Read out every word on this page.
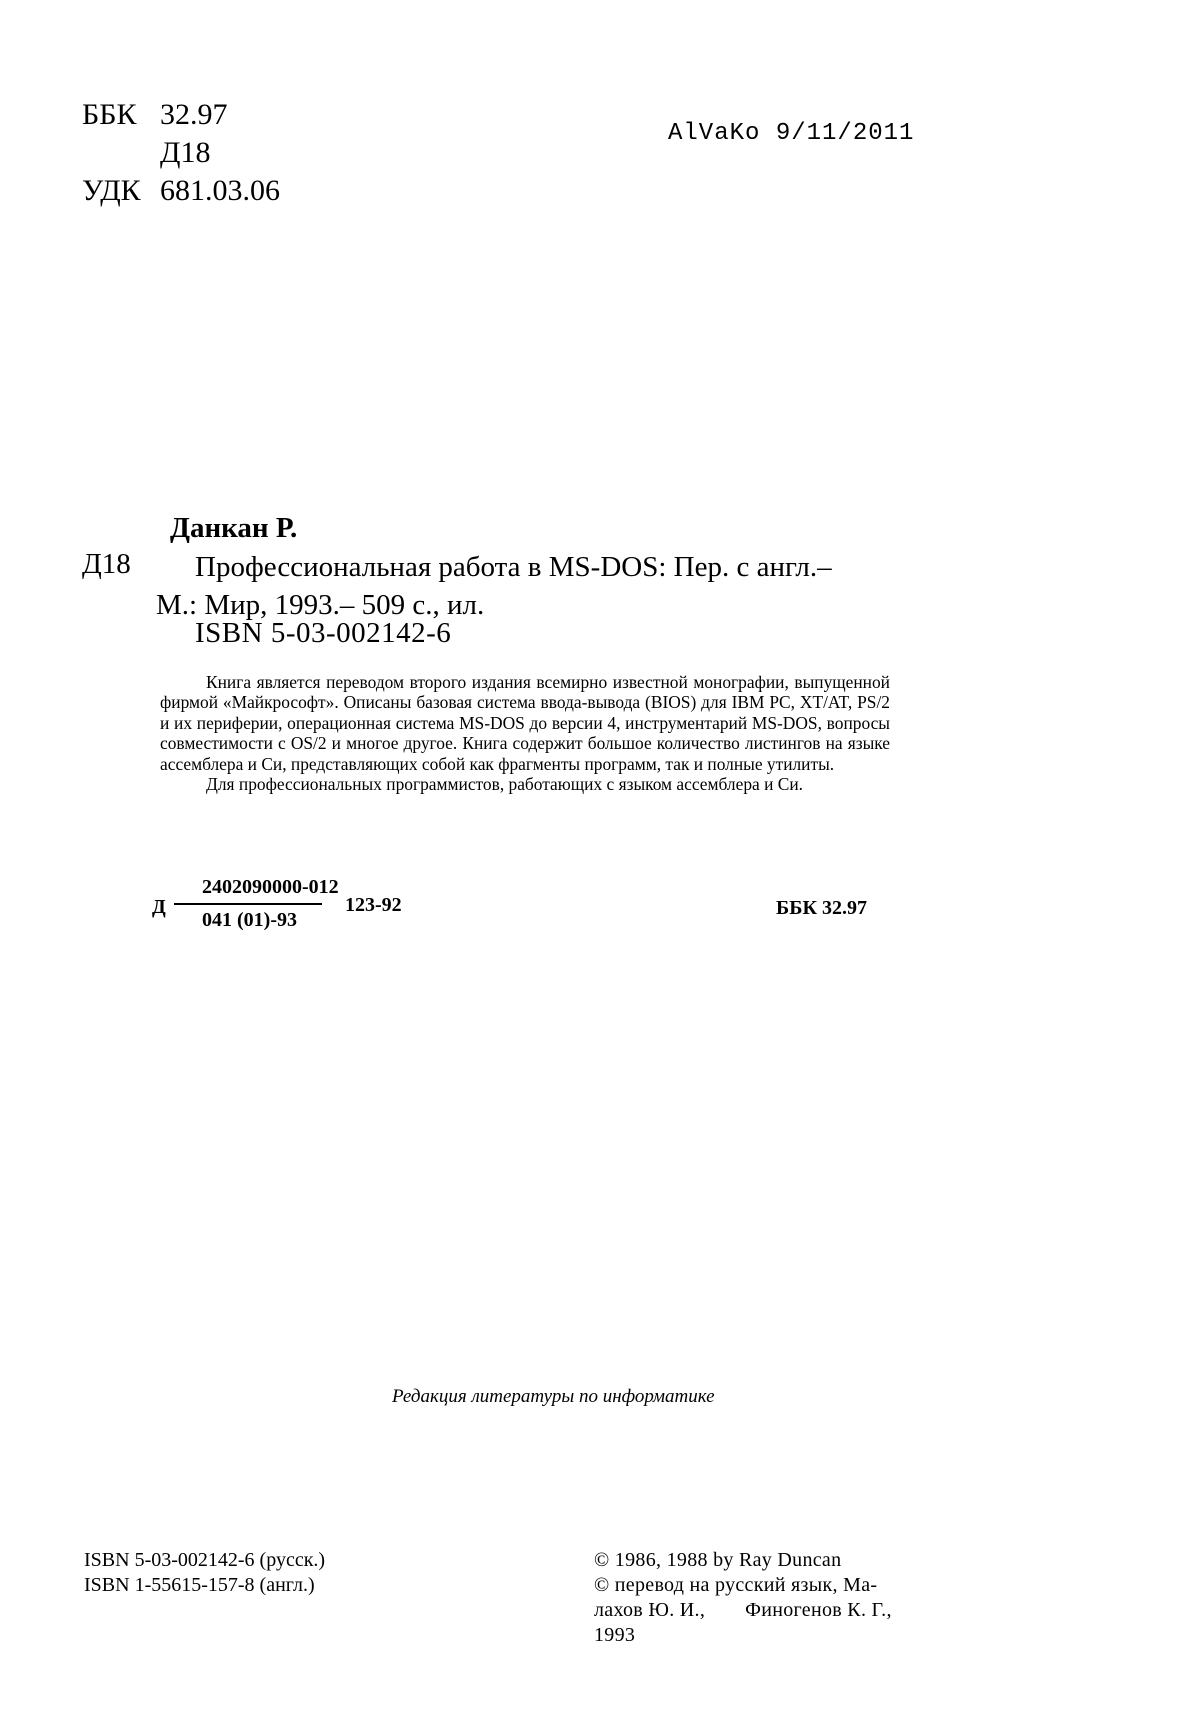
ББК 32.97
Д18
УДК 681.03.06
AlVaKo 9/11/2011
Данкан Р.
Д18 Профессиональная работа в MS-DOS: Пер. с англ.–
М.: Мир, 1993.– 509 с., ил.
ISBN 5-03-002142-6

Книга является переводом второго издания всемирно известной монографии, выпущенной фирмой «Майкрософт». Описаны базовая система ввода-вывода (BIOS) для IBM PC, XT/AT, PS/2 и их периферии, операционная система MS-DOS до версии 4, инструментарий MS-DOS, вопросы совместимости с OS/2 и многое другое. Книга содержит большое количество листингов на языке ассемблера и Си, представляющих собой как фрагменты программ, так и полные утилиты.

Для профессиональных программистов, работающих с языком ассемблера и Си.

Д
2402090000-012
041 (01)-93
123-92	ББК 32.97
Редакция литературы по информатике
ISBN 5-03-002142-6 (русск.)
ISBN 1-55615-157-8 (англ.)
© 1986, 1988 by Ray Duncan
© перевод на русский язык, Ма-
лахов Ю. И., Финогенов К. Г.,
1993
